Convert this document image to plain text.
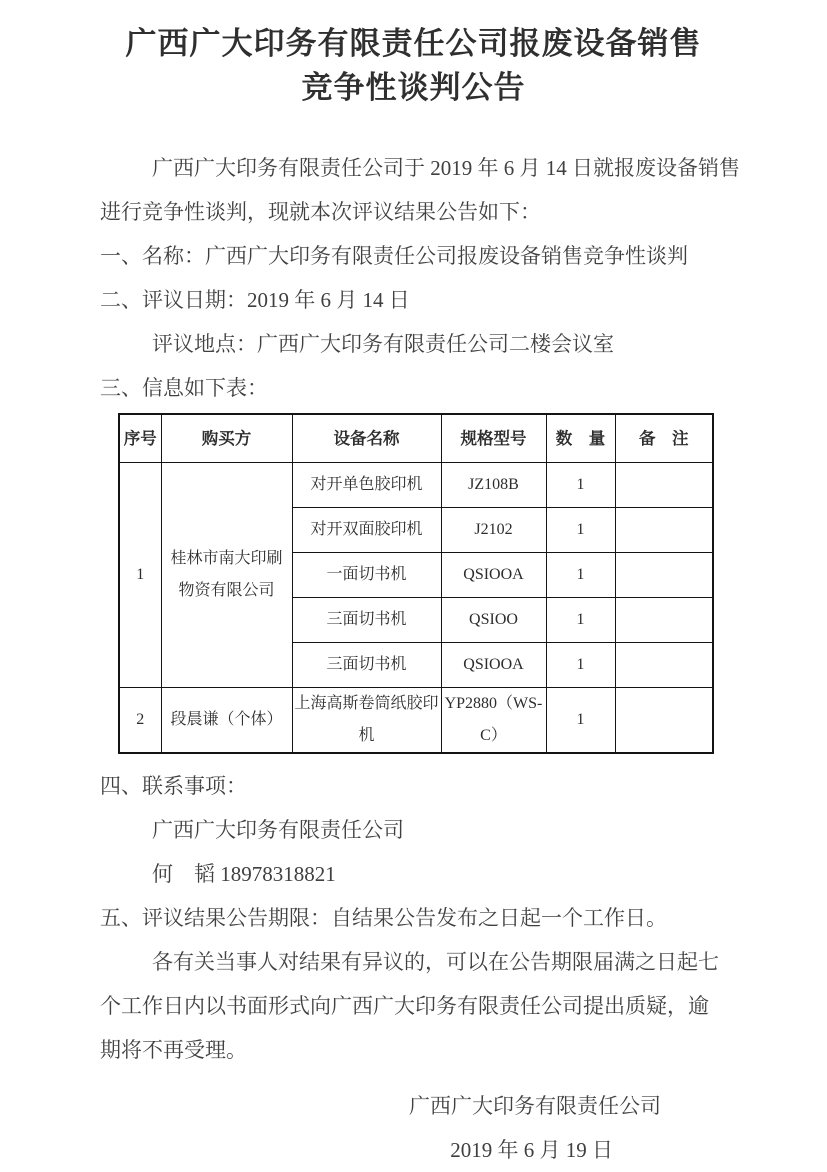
广西广大印务有限责任公司报废设备销售
竞争性谈判公告
广西广大印务有限责任公司于 2019 年 6 月 14 日就报废设备销售
进行竞争性谈判，现就本次评议结果公告如下：
一、名称：广西广大印务有限责任公司报废设备销售竞争性谈判
二、评议日期：2019 年 6 月 14 日
评议地点：广西广大印务有限责任公司二楼会议室
三、信息如下表：
序号	购买方	设备名称	规格型号	数　量	备　注
1	桂林市南大印刷物资有限公司	对开单色胶印机	JZ108B	1	
		对开双面胶印机	J2102	1	
		一面切书机	QSIOOA	1	
		三面切书机	QSIOO	1	
		三面切书机	QSIOOA	1	
2	段晨谦（个体）	上海高斯卷筒纸胶印机	YP2880（WS-C）	1	
四、联系事项：
广西广大印务有限责任公司
何　韬 18978318821
五、评议结果公告期限：自结果公告发布之日起一个工作日。
各有关当事人对结果有异议的，可以在公告期限届满之日起七
个工作日内以书面形式向广西广大印务有限责任公司提出质疑，逾
期将不再受理。
广西广大印务有限责任公司
2019 年 6 月 19 日
